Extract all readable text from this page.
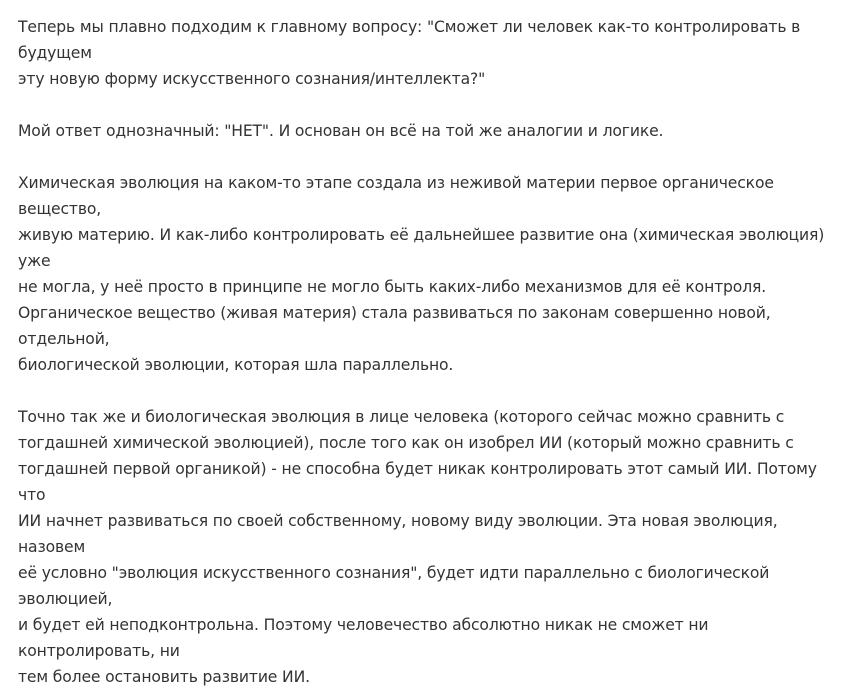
Теперь мы плавно подходим к главному вопросу: "Сможет ли человек как-то контролировать в будущем
эту новую форму искусственного сознания/интеллекта?"

Мой ответ однозначный: "НЕТ". И основан он всё на той же аналогии и логике.

Химическая эволюция на каком-то этапе создала из неживой материи первое органическое вещество,
живую материю. И как-либо контролировать её дальнейшее развитие она (химическая эволюция) уже
не могла, у неё просто в принципе не могло быть каких-либо механизмов для её контроля.
Органическое вещество (живая материя) стала развиваться по законам совершенно новой, отдельной,
биологической эволюции, которая шла параллельно.

Точно так же и биологическая эволюция в лице человека (которого сейчас можно сравнить с
тогдашней химической эволюцией), после того как он изобрел ИИ (который можно сравнить с
тогдашней первой органикой) - не способна будет никак контролировать этот самый ИИ. Потому что
ИИ начнет развиваться по своей собственному, новому виду эволюции. Эта новая эволюция, назовем
её условно "эволюция искусственного сознания", будет идти параллельно с биологической эволюцией,
и будет ей неподконтрольна. Поэтому человечество абсолютно никак не сможет ни контролировать, ни
тем более остановить развитие ИИ.
